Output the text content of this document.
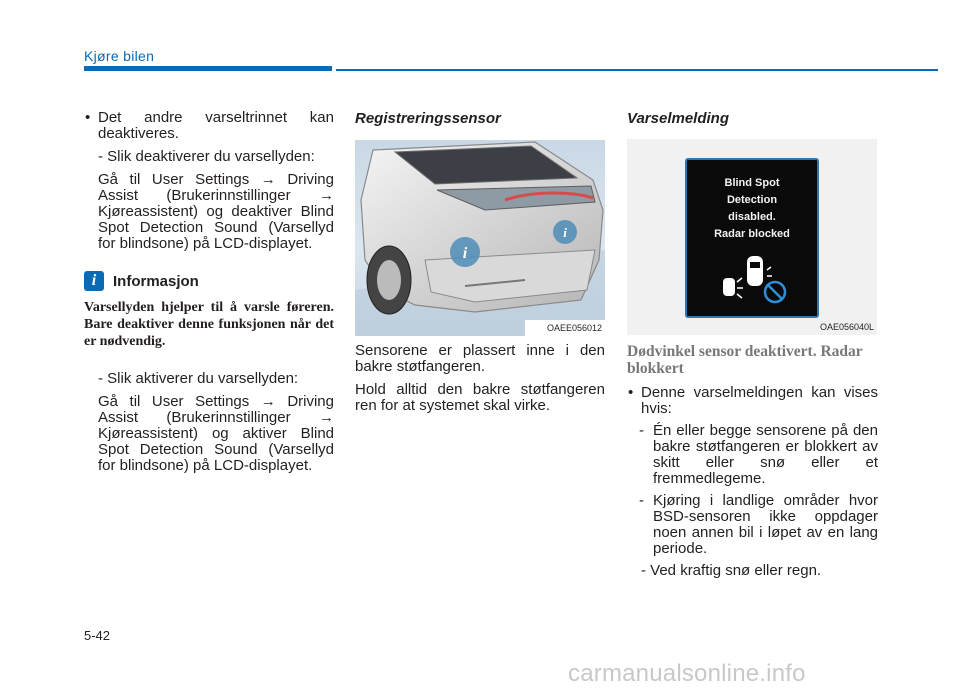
Kjøre bilen
• Det andre varseltrinnet kan deaktiveres.
- Slik deaktiverer du varsellyden:
Gå til User Settings → Driving Assist (Brukerinnstillinger → Kjøreassistent) og deaktiver Blind Spot Detection Sound (Varsellyd for blindsone) på LCD-displayet.
i	Informasjon
Varsellyden hjelper til å varsle føreren. Bare deaktiver denne funksjonen når det er nødvendig.
- Slik aktiverer du varsellyden:
Gå til User Settings → Driving Assist (Brukerinnstillinger → Kjøreassistent) og aktiver Blind Spot Detection Sound (Varsellyd for blindsone) på LCD-displayet.
Registreringssensor
i
i
OAEE056012
Sensorene er plassert inne i den bakre støtfangeren.
Hold alltid den bakre støtfangeren ren for at systemet skal virke.
Varselmelding
Blind Spot
Detection
disabled.
Radar blocked
OAE056040L
Dødvinkel sensor deaktivert. Radar blokkert
• Denne varselmeldingen kan vises hvis:
- Én eller begge sensorene på den bakre støtfangeren er blokkert av skitt eller snø eller et fremmedlegeme.
- Kjøring i landlige områder hvor BSD-sensoren ikke oppdager noen annen bil i løpet av en lang periode.
- Ved kraftig snø eller regn.
5-42
carmanualsonline.info
